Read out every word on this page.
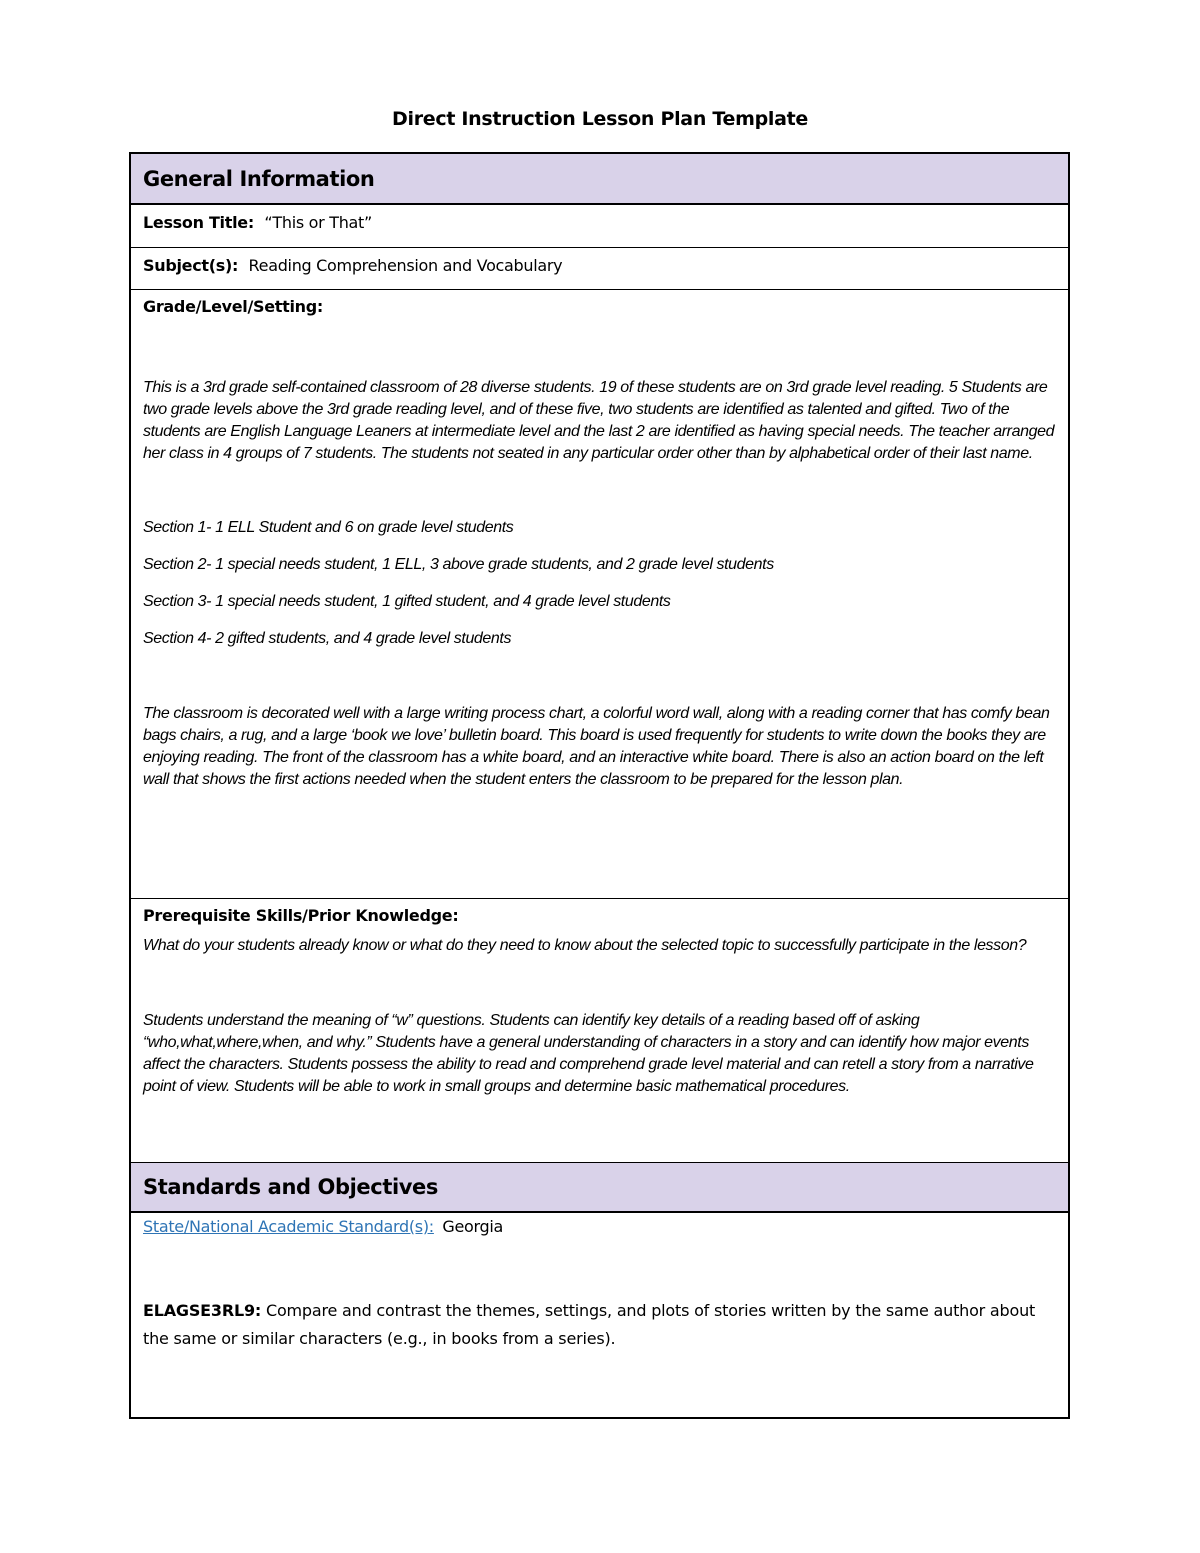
Direct Instruction Lesson Plan Template
General Information
Lesson Title: “This or That”
Subject(s): Reading Comprehension and Vocabulary
Grade/Level/Setting:

This is a 3rd grade self-contained classroom of 28 diverse students. 19 of these students are on 3rd grade level reading. 5 Students are two grade levels above the 3rd grade reading level, and of these five, two students are identified as talented and gifted. Two of the students are English Language Leaners at intermediate level and the last 2 are identified as having special needs. The teacher arranged her class in 4 groups of 7 students. The students not seated in any particular order other than by alphabetical order of their last name.

Section 1- 1 ELL Student and 6 on grade level students

Section 2- 1 special needs student, 1 ELL, 3 above grade students, and 2 grade level students

Section 3- 1 special needs student, 1 gifted student, and 4 grade level students

Section 4- 2 gifted students, and 4 grade level students

The classroom is decorated well with a large writing process chart, a colorful word wall, along with a reading corner that has comfy bean bags chairs, a rug, and a large ‘book we love’ bulletin board. This board is used frequently for students to write down the books they are enjoying reading. The front of the classroom has a white board, and an interactive white board. There is also an action board on the left wall that shows the first actions needed when the student enters the classroom to be prepared for the lesson plan.

Prerequisite Skills/Prior Knowledge:

What do your students already know or what do they need to know about the selected topic to successfully participate in the lesson?

Students understand the meaning of “w” questions. Students can identify key details of a reading based off of asking “who,what,where,when, and why.” Students have a general understanding of characters in a story and can identify how major events affect the characters. Students possess the ability to read and comprehend grade level material and can retell a story from a narrative point of view. Students will be able to work in small groups and determine basic mathematical procedures.

Standards and Objectives
State/National Academic Standard(s): Georgia

ELAGSE3RL9: Compare and contrast the themes, settings, and plots of stories written by the same author about the same or similar characters (e.g., in books from a series).
